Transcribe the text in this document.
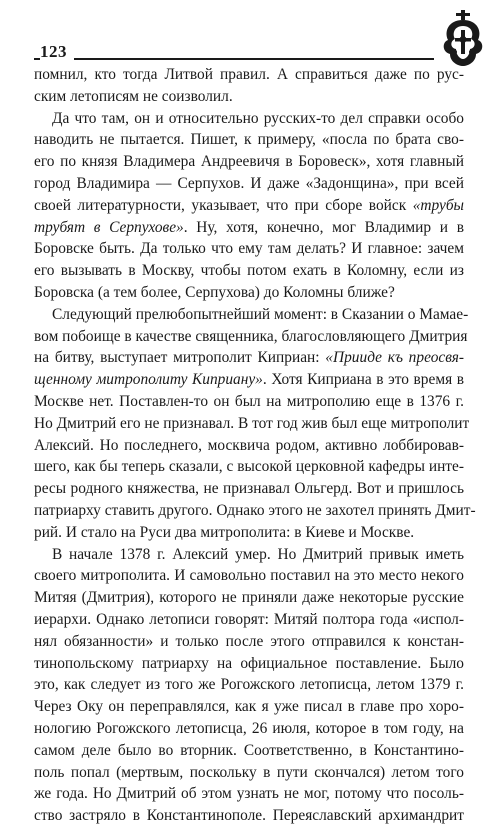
123
помнил, кто тогда Литвой правил. А справиться даже по рус-
ским летописям не соизволил.
Да что там, он и относительно русских-то дел справки особо
наводить не пытается. Пишет, к примеру, «посла по брата сво-
его по князя Владимера Андреевичя в Боровеск», хотя главный
город Владимира — Серпухов. И даже «Задонщина», при всей
своей литературности, указывает, что при сборе войск «трубы
трубят в Серпухове». Ну, хотя, конечно, мог Владимир и в
Боровске быть. Да только что ему там делать? И главное: зачем
его вызывать в Москву, чтобы потом ехать в Коломну, если из
Боровска (а тем более, Серпухова) до Коломны ближе?
Следующий прелюбопытнейший момент: в Сказании о Мамае-
вом побоище в качестве священника, благословляющего Дмитрия
на битву, выступает митрополит Киприан: «Прииде къ преосвя-
щенному митрополиту Киприану». Хотя Киприана в это время в
Москве нет. Поставлен-то он был на митрополию еще в 1376 г.
Но Дмитрий его не признавал. В тот год жив был еще митрополит
Алексий. Но последнего, москвича родом, активно лоббировав-
шего, как бы теперь сказали, с высокой церковной кафедры инте-
ресы родного княжества, не признавал Ольгерд. Вот и пришлось
патриарху ставить другого. Однако этого не захотел принять Дмит-
рий. И стало на Руси два митрополита: в Киеве и Москве.
В начале 1378 г. Алексий умер. Но Дмитрий привык иметь
своего митрополита. И самовольно поставил на это место некого
Митяя (Дмитрия), которого не приняли даже некоторые русские
иерархи. Однако летописи говорят: Митяй полтора года «испол-
нял обязанности» и только после этого отправился к констан-
тинопольскому патриарху на официальное поставление. Было
это, как следует из того же Рогожского летописца, летом 1379 г.
Через Оку он переправлялся, как я уже писал в главе про хоро-
нологию Рогожского летописца, 26 июля, которое в том году, на
самом деле было во вторник. Соответственно, в Константино-
поль попал (мертвым, поскольку в пути скончался) летом того
же года. Но Дмитрий об этом узнать не мог, потому что посоль-
ство застряло в Константинополе. Переяславский архимандрит
